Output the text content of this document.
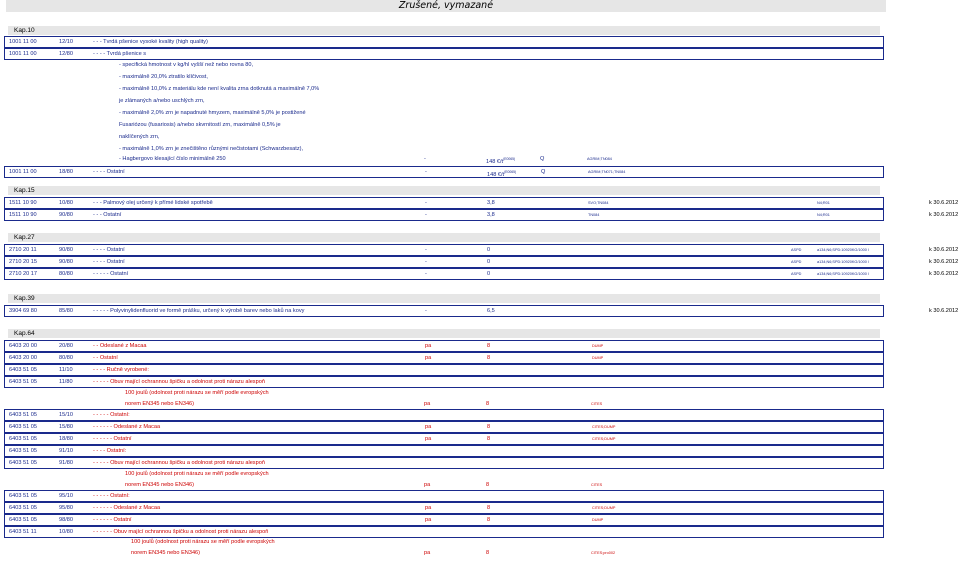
Zrušené, vymazané
Kap.10
1001 11 00	12/10	- - - Tvrdá pšenice vysoké kvality (high quality)
1001 11 00	12/80	- - - - Tvrdá pšenice s
- specifická hmotnost v kg/hl vyšší než nebo rovna 80,
- maximálně 20,0% ztratilo klíčivost,
- maximálně 10,0% z materiálu kde není kvalita zrna dotknutá a maximálně 7,0%
je zlámaných a/nebo uschlých zrn,
- maximálně 2,0% zrn je napadnuté hmyzem, maximálně 5,0% je postižené
Fusariózou (fusariosis) a/nebo skvrnitostí zrn, maximálně 0,5% je
naklíčených zrn,
- maximálně 1,0% zrn je znečištěno různými nečistotami (Schwarzbesatz),
- Hagbergovo klesající číslo minimálně 250	-	148 $€/t^{(E0065)}$	Q	AGRIM;TN084
1001 11 00	18/80	- - - - Ostatní	-	148 $€/t^{(E0065)}$	Q	AGRIM;TN071;TN084
Kap.15
1511 10 90	10/80	- - - Palmový olej určený k přímé lidské spotřebě	-	3,8	SVO;TN084	N4;R01	k 30.6.2012
1511 10 90	90/80	- - - Ostatní	-	3,8	TN084	N4;R01	k 30.6.2012
Kap.27
2710 20 11	90/80	- - - - Ostatní	-	0	ASPD	a134;N6;SPD:10920KG/1000 l	k 30.6.2012
2710 20 15	90/80	- - - - Ostatní	-	0	ASPD	a134;N6;SPD:10920KG/1000 l	k 30.6.2012
2710 20 17	80/80	- - - - - Ostatní	-	0	ASPD	a134;N6;SPD:10920KG/1000 l	k 30.6.2012
Kap.39
3904 69 80	85/80	- - - - - Polyvinylidenfluorid ve formě prášku, určený k výrobě barev nebo laků na kovy	-	6,5	k 30.6.2012
Kap.64
6403 20 00	20/80	- - Odeslané z Macaa	pa	8	DUMP
6403 20 00	80/80	- - Ostatní	pa	8	DUMP
6403 51 05	11/10	- - - - Ručně vyrobené:
6403 51 05	11/80	- - - - - Obuv mající ochrannou špičku a odolnost proti nárazu alespoň
100 joulů (odolnost proti nárazu se měří podle evropských
norem EN345 nebo EN346)	pa	8	CITES
6403 51 05	15/10	- - - - - Ostatní:
6403 51 05	15/80	- - - - - - Odeslané z Macaa	pa	8	CITES;DUMP
6403 51 05	18/80	- - - - - - Ostatní	pa	8	CITES;DUMP
6403 51 05	91/10	- - - - Ostatní:
6403 51 05	91/80	- - - - - Obuv mající ochrannou špičku a odolnost proti nárazu alespoň
100 joulů (odolnost proti nárazu se měří podle evropských
norem EN345 nebo EN346)	pa	8	CITES
6403 51 05	95/10	- - - - - Ostatní:
6403 51 05	95/80	- - - - - - Odeslané z Macaa	pa	8	CITES;DUMP
6403 51 05	98/80	- - - - - - Ostatní	pa	8	DUMP
6403 51 11	10/80	- - - - - - Obuv mající ochrannou špičku a odolnost proti nárazu alespoň
100 joulů (odolnost proti nárazu se měří podle evropských
norem EN345 nebo EN346)	pa	8	CITES;pro002
